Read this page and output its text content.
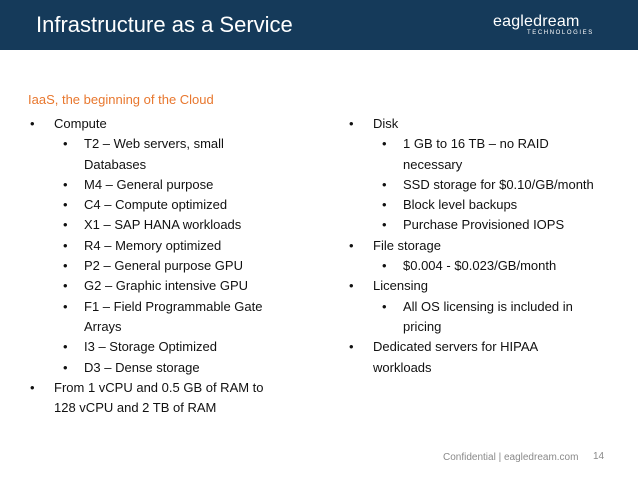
Infrastructure as a Service	eagledream
TECHNOLOGIES
IaaS, the beginning of the Cloud
• Compute
• T2 – Web servers, small
Databases
• M4 – General purpose
• C4 – Compute optimized
• X1 – SAP HANA workloads
• R4 – Memory optimized
• P2 – General purpose GPU
• G2 – Graphic intensive GPU
• F1 – Field Programmable Gate
Arrays
• I3 – Storage Optimized
• D3 – Dense storage
• From 1 vCPU and 0.5 GB of RAM to
128 vCPU and 2 TB of RAM
• Disk
• 1 GB to 16 TB – no RAID
necessary
• SSD storage for $0.10/GB/month
• Block level backups
• Purchase Provisioned IOPS
• File storage
• $0.004 - $0.023/GB/month
• Licensing
• All OS licensing is included in
pricing
• Dedicated servers for HIPAA
workloads
Confidential | eagledream.com 14
